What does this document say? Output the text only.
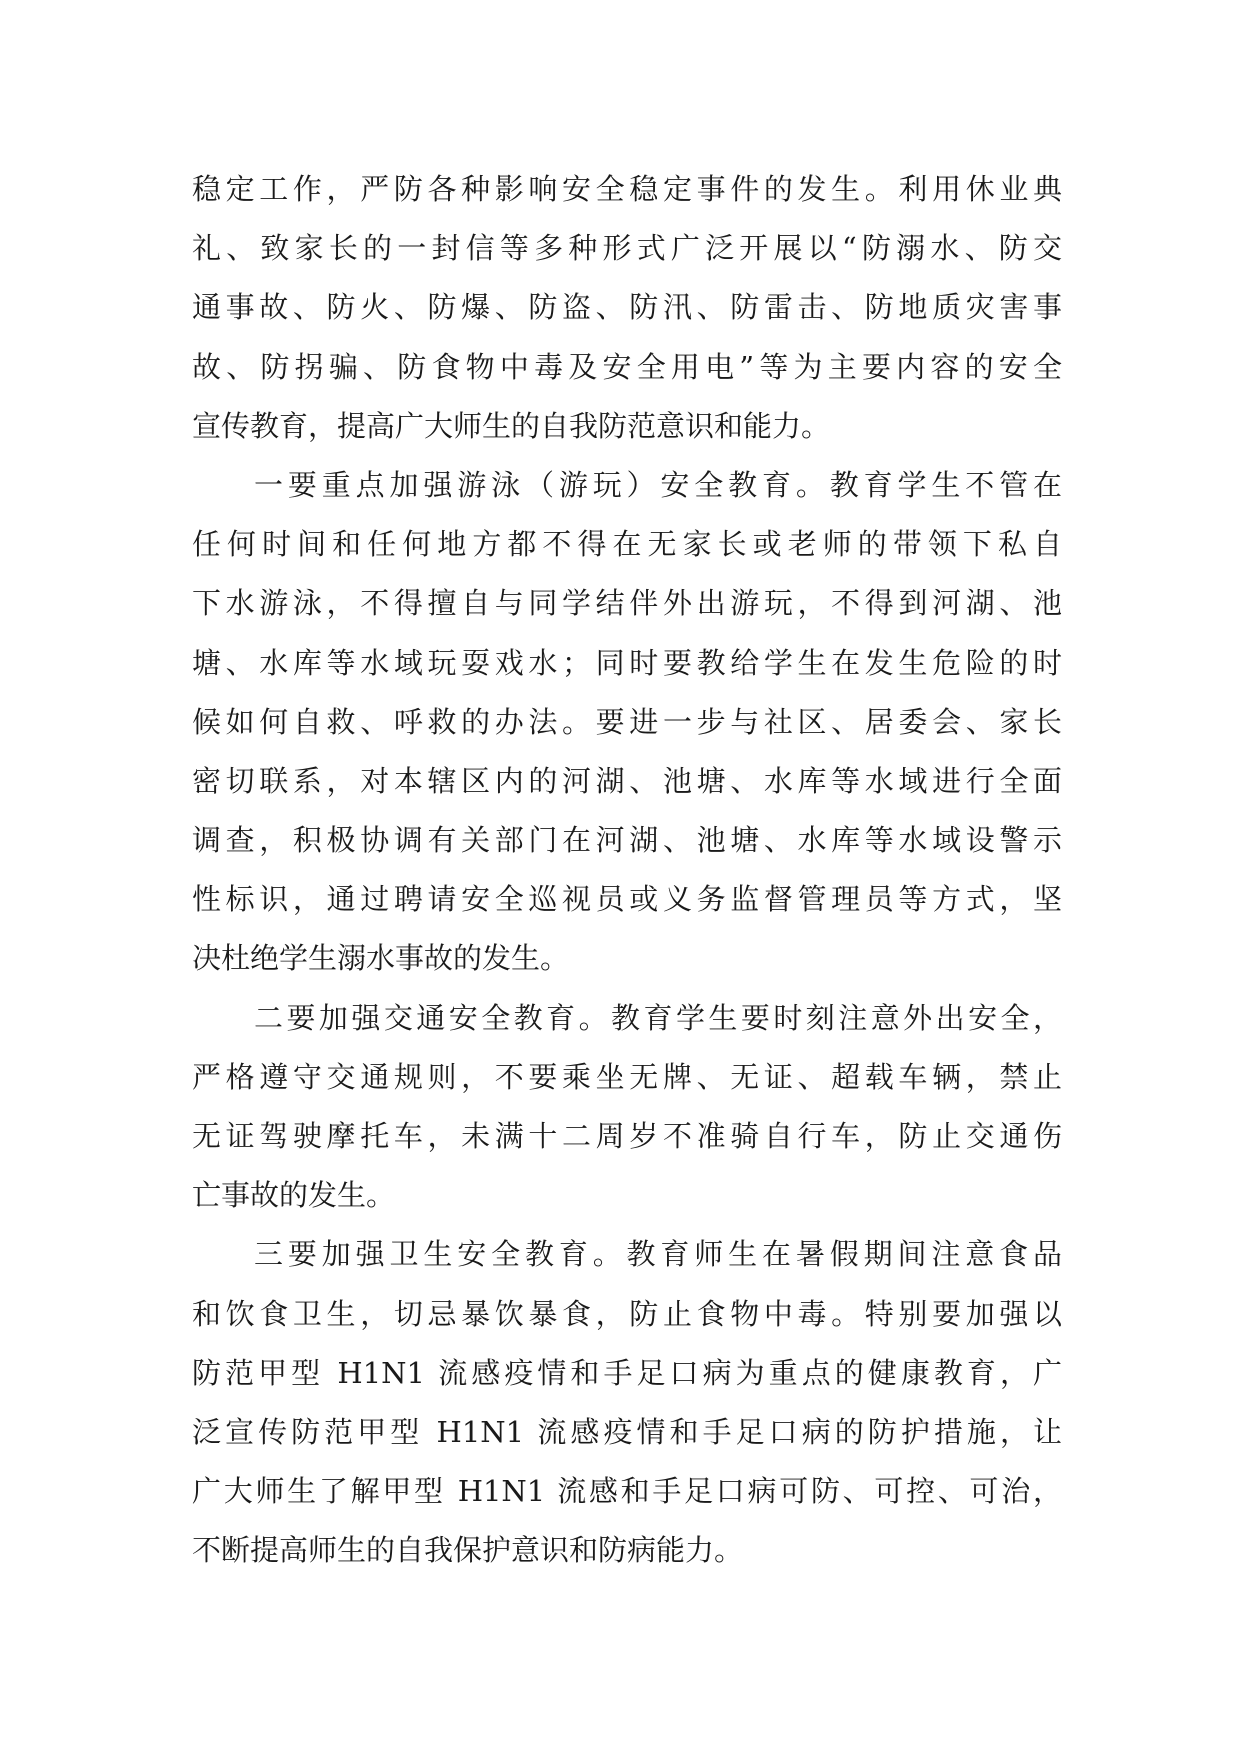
稳定工作，严防各种影响安全稳定事件的发生。利用休业典
礼、致家长的一封信等多种形式广泛开展以“防溺水、防交
通事故、防火、防爆、防盗、防汛、防雷击、防地质灾害事
故、防拐骗、防食物中毒及安全用电”等为主要内容的安全
宣传教育，提高广大师生的自我防范意识和能力。
一要重点加强游泳（游玩）安全教育。教育学生不管在
任何时间和任何地方都不得在无家长或老师的带领下私自
下水游泳，不得擅自与同学结伴外出游玩，不得到河湖、池
塘、水库等水域玩耍戏水；同时要教给学生在发生危险的时
候如何自救、呼救的办法。要进一步与社区、居委会、家长
密切联系，对本辖区内的河湖、池塘、水库等水域进行全面
调查，积极协调有关部门在河湖、池塘、水库等水域设警示
性标识，通过聘请安全巡视员或义务监督管理员等方式，坚
决杜绝学生溺水事故的发生。
二要加强交通安全教育。教育学生要时刻注意外出安全，
严格遵守交通规则，不要乘坐无牌、无证、超载车辆，禁止
无证驾驶摩托车，未满十二周岁不准骑自行车，防止交通伤
亡事故的发生。
三要加强卫生安全教育。教育师生在暑假期间注意食品
和饮食卫生，切忌暴饮暴食，防止食物中毒。特别要加强以
防范甲型 H1N1 流感疫情和手足口病为重点的健康教育，广
泛宣传防范甲型 H1N1 流感疫情和手足口病的防护措施，让
广大师生了解甲型 H1N1 流感和手足口病可防、可控、可治，
不断提高师生的自我保护意识和防病能力。
